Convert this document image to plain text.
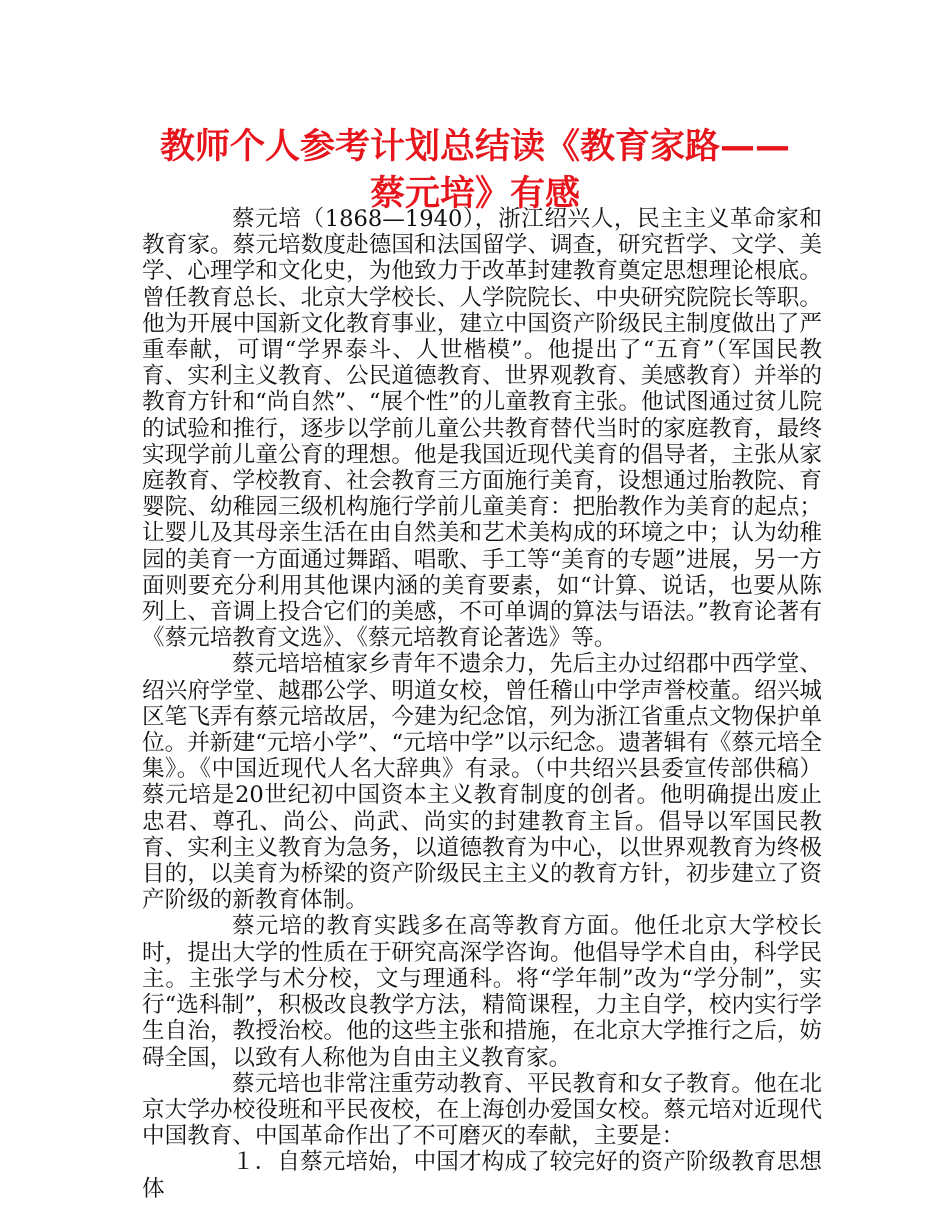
教师个人参考计划总结读《教育家路——
蔡元培》有感

蔡元培（1868—1940），浙江绍兴人，民主主义革命家和教育家。蔡元培数度赴德国和法国留学、调查，研究哲学、文学、美学、心理学和文化史，为他致力于改革封建教育奠定思想理论根底。曾任教育总长、北京大学校长、人学院院长、中央研究院院长等职。他为开展中国新文化教育事业，建立中国资产阶级民主制度做出了严重奉献，可谓“学界泰斗、人世楷模”。他提出了“五育”（军国民教育、实利主义教育、公民道德教育、世界观教育、美感教育）并举的教育方针和“尚自然”、“展个性”的儿童教育主张。他试图通过贫儿院的试验和推行，逐步以学前儿童公共教育替代当时的家庭教育，最终实现学前儿童公育的理想。他是我国近现代美育的倡导者，主张从家庭教育、学校教育、社会教育三方面施行美育，设想通过胎教院、育婴院、幼稚园三级机构施行学前儿童美育：把胎教作为美育的起点；让婴儿及其母亲生活在由自然美和艺术美构成的环境之中；认为幼稚园的美育一方面通过舞蹈、唱歌、手工等“美育的专题”进展，另一方面则要充分利用其他课内涵的美育要素，如“计算、说话，也要从陈列上、音调上投合它们的美感，不可单调的算法与语法。”教育论著有《蔡元培教育文选》、《蔡元培教育论著选》等。

蔡元培培植家乡青年不遗余力，先后主办过绍郡中西学堂、绍兴府学堂、越郡公学、明道女校，曾任稽山中学声誉校董。绍兴城区笔飞弄有蔡元培故居，今建为纪念馆，列为浙江省重点文物保护单位。并新建“元培小学”、“元培中学”以示纪念。遗著辑有《蔡元培全集》。《中国近现代人名大辞典》有录。（中共绍兴县委宣传部供稿）蔡元培是20世纪初中国资本主义教育制度的创者。他明确提出废止忠君、尊孔、尚公、尚武、尚实的封建教育主旨。倡导以军国民教育、实利主义教育为急务，以道德教育为中心，以世界观教育为终极目的，以美育为桥梁的资产阶级民主主义的教育方针，初步建立了资产阶级的新教育体制。

蔡元培的教育实践多在高等教育方面。他任北京大学校长时，提出大学的性质在于研究高深学咨询。他倡导学术自由，科学民主。主张学与术分校，文与理通科。将“学年制”改为“学分制”，实行“选科制”，积极改良教学方法，精简课程，力主自学，校内实行学生自治，教授治校。他的这些主张和措施，在北京大学推行之后，妨碍全国，以致有人称他为自由主义教育家。

蔡元培也非常注重劳动教育、平民教育和女子教育。他在北京大学办校役班和平民夜校，在上海创办爱国女校。蔡元培对近现代中国教育、中国革命作出了不可磨灭的奉献，主要是：

１．自蔡元培始，中国才构成了较完好的资产阶级教育思想体
